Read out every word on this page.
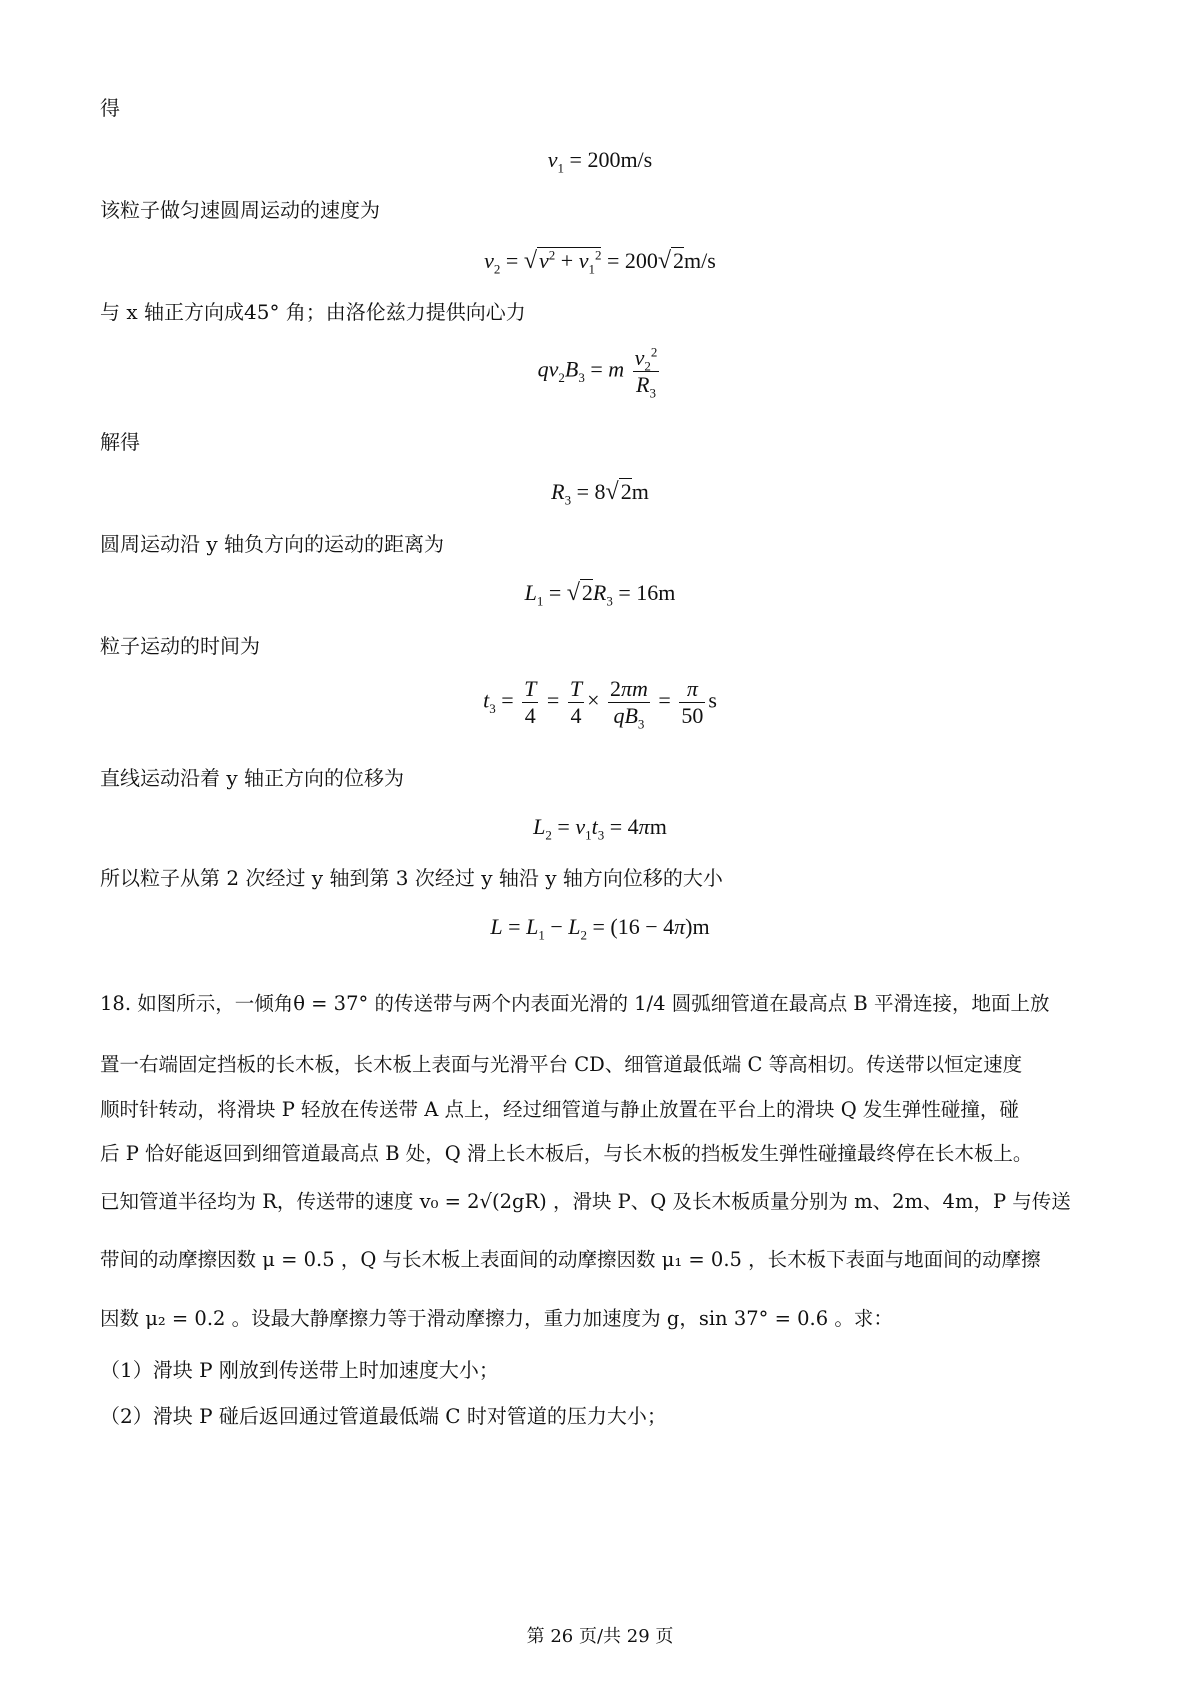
得
$v_1 = 200m/s$
该粒子做匀速圆周运动的速度为
$v_2 = √v^2 + v_1^2 = 200√2m/s$
与 x 轴正方向成45° 角；由洛伦兹力提供向心力
$qv_2B_3 = m \frac{v_2^2}{R_3}$
解得
$R_3 = 8√2m$
圆周运动沿 y 轴负方向的运动的距离为
$L_1 = √2R_3 = 16m$
粒子运动的时间为
$t_3 = \frac{T}{4} = \frac{T}{4} \times \frac{2\pi m}{qB_3} = \frac{\pi}{50}$ s
直线运动沿着 y 轴正方向的位移为
$L_2 = v_1t_3 = 4\pi m$
所以粒子从第 2 次经过 y 轴到第 3 次经过 y 轴沿 y 轴方向位移的大小
$L = L_1 - L_2 = (16 - 4\pi)m$
18. 如图所示，一倾角θ = 37° 的传送带与两个内表面光滑的 1/4 圆弧细管道在最高点 B 平滑连接，地面上放
置一右端固定挡板的长木板，长木板上表面与光滑平台 CD、细管道最低端 C 等高相切。传送带以恒定速度
顺时针转动，将滑块 P 轻放在传送带 A 点上，经过细管道与静止放置在平台上的滑块 Q 发生弹性碰撞，碰
后 P 恰好能返回到细管道最高点 B 处，Q 滑上长木板后，与长木板的挡板发生弹性碰撞最终停在长木板上。
已知管道半径均为 R，传送带的速度 v₀ = 2√(2gR) ，滑块 P、Q 及长木板质量分别为 m、2m、4m，P 与传送
带间的动摩擦因数 μ = 0.5 ，Q 与长木板上表面间的动摩擦因数 μ₁ = 0.5 ，长木板下表面与地面间的动摩擦
因数 μ₂ = 0.2 。设最大静摩擦力等于滑动摩擦力，重力加速度为 g，sin 37° = 0.6 。求：
（1）滑块 P 刚放到传送带上时加速度大小；
（2）滑块 P 碰后返回通过管道最低端 C 时对管道的压力大小；
第 26 页/共 29 页
